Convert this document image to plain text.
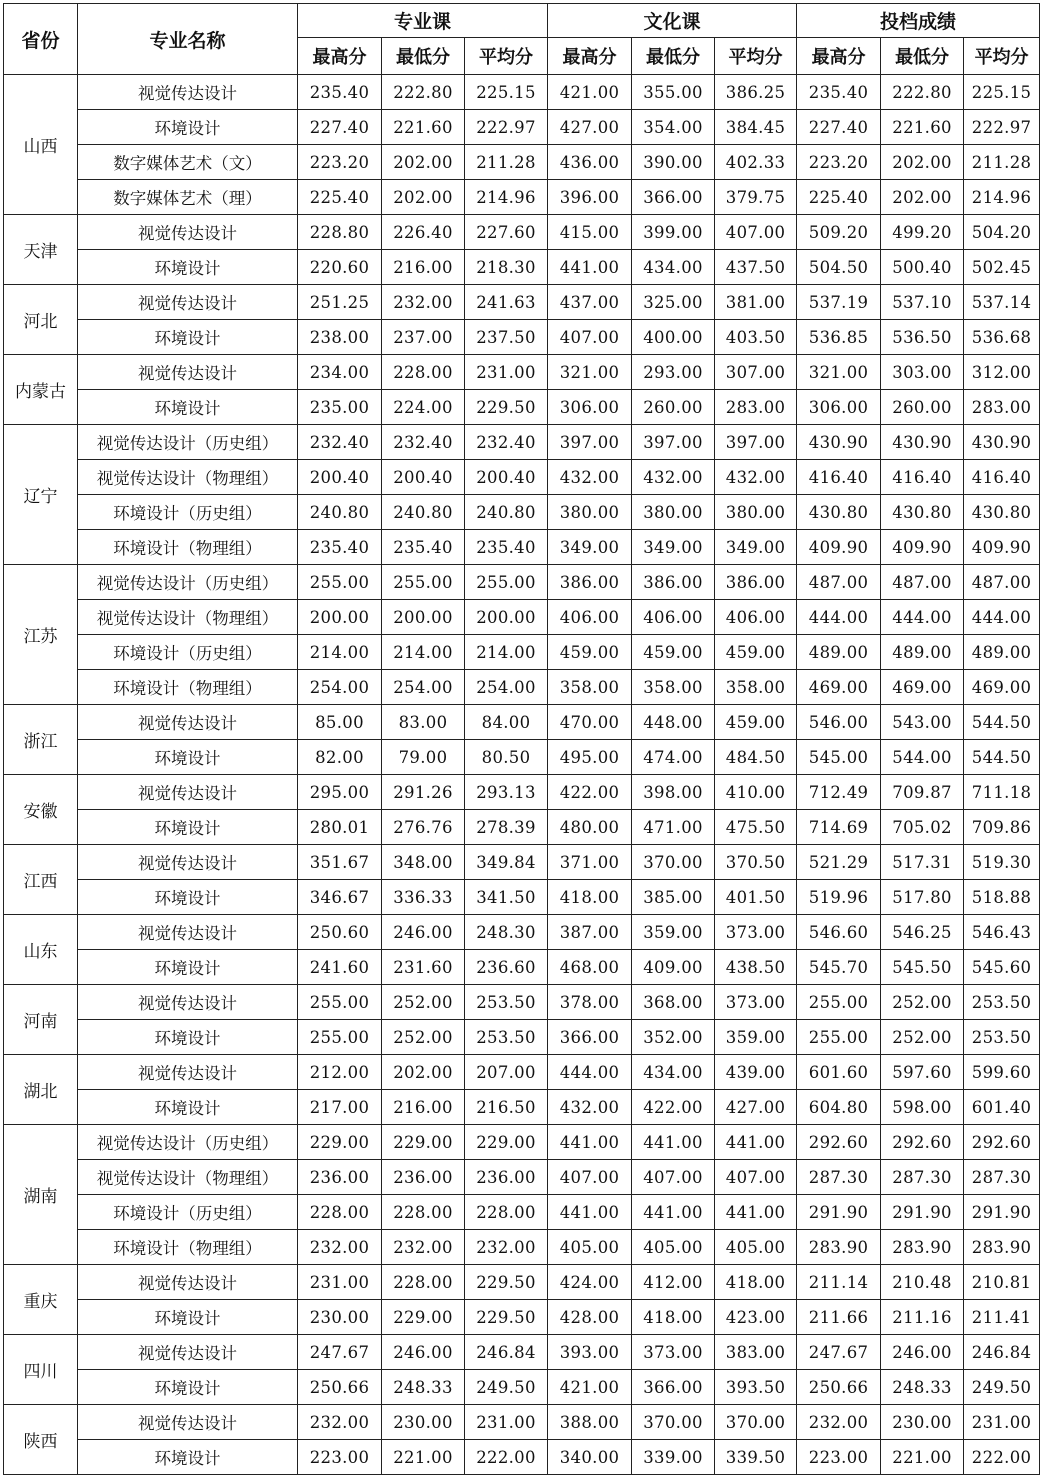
省份	专业名称	专业课			文化课			投档成绩		
		最高分	最低分	平均分	最高分	最低分	平均分	最高分	最低分	平均分
山西	视觉传达设计	235.40	222.80	225.15	421.00	355.00	386.25	235.40	222.80	225.15
	环境设计	227.40	221.60	222.97	427.00	354.00	384.45	227.40	221.60	222.97
	数字媒体艺术（文）	223.20	202.00	211.28	436.00	390.00	402.33	223.20	202.00	211.28
	数字媒体艺术（理）	225.40	202.00	214.96	396.00	366.00	379.75	225.40	202.00	214.96
天津	视觉传达设计	228.80	226.40	227.60	415.00	399.00	407.00	509.20	499.20	504.20
	环境设计	220.60	216.00	218.30	441.00	434.00	437.50	504.50	500.40	502.45
河北	视觉传达设计	251.25	232.00	241.63	437.00	325.00	381.00	537.19	537.10	537.14
	环境设计	238.00	237.00	237.50	407.00	400.00	403.50	536.85	536.50	536.68
内蒙古	视觉传达设计	234.00	228.00	231.00	321.00	293.00	307.00	321.00	303.00	312.00
	环境设计	235.00	224.00	229.50	306.00	260.00	283.00	306.00	260.00	283.00
辽宁	视觉传达设计（历史组）	232.40	232.40	232.40	397.00	397.00	397.00	430.90	430.90	430.90
	视觉传达设计（物理组）	200.40	200.40	200.40	432.00	432.00	432.00	416.40	416.40	416.40
	环境设计（历史组）	240.80	240.80	240.80	380.00	380.00	380.00	430.80	430.80	430.80
	环境设计（物理组）	235.40	235.40	235.40	349.00	349.00	349.00	409.90	409.90	409.90
江苏	视觉传达设计（历史组）	255.00	255.00	255.00	386.00	386.00	386.00	487.00	487.00	487.00
	视觉传达设计（物理组）	200.00	200.00	200.00	406.00	406.00	406.00	444.00	444.00	444.00
	环境设计（历史组）	214.00	214.00	214.00	459.00	459.00	459.00	489.00	489.00	489.00
	环境设计（物理组）	254.00	254.00	254.00	358.00	358.00	358.00	469.00	469.00	469.00
浙江	视觉传达设计	85.00	83.00	84.00	470.00	448.00	459.00	546.00	543.00	544.50
	环境设计	82.00	79.00	80.50	495.00	474.00	484.50	545.00	544.00	544.50
安徽	视觉传达设计	295.00	291.26	293.13	422.00	398.00	410.00	712.49	709.87	711.18
	环境设计	280.01	276.76	278.39	480.00	471.00	475.50	714.69	705.02	709.86
江西	视觉传达设计	351.67	348.00	349.84	371.00	370.00	370.50	521.29	517.31	519.30
	环境设计	346.67	336.33	341.50	418.00	385.00	401.50	519.96	517.80	518.88
山东	视觉传达设计	250.60	246.00	248.30	387.00	359.00	373.00	546.60	546.25	546.43
	环境设计	241.60	231.60	236.60	468.00	409.00	438.50	545.70	545.50	545.60
河南	视觉传达设计	255.00	252.00	253.50	378.00	368.00	373.00	255.00	252.00	253.50
	环境设计	255.00	252.00	253.50	366.00	352.00	359.00	255.00	252.00	253.50
湖北	视觉传达设计	212.00	202.00	207.00	444.00	434.00	439.00	601.60	597.60	599.60
	环境设计	217.00	216.00	216.50	432.00	422.00	427.00	604.80	598.00	601.40
湖南	视觉传达设计（历史组）	229.00	229.00	229.00	441.00	441.00	441.00	292.60	292.60	292.60
	视觉传达设计（物理组）	236.00	236.00	236.00	407.00	407.00	407.00	287.30	287.30	287.30
	环境设计（历史组）	228.00	228.00	228.00	441.00	441.00	441.00	291.90	291.90	291.90
	环境设计（物理组）	232.00	232.00	232.00	405.00	405.00	405.00	283.90	283.90	283.90
重庆	视觉传达设计	231.00	228.00	229.50	424.00	412.00	418.00	211.14	210.48	210.81
	环境设计	230.00	229.00	229.50	428.00	418.00	423.00	211.66	211.16	211.41
四川	视觉传达设计	247.67	246.00	246.84	393.00	373.00	383.00	247.67	246.00	246.84
	环境设计	250.66	248.33	249.50	421.00	366.00	393.50	250.66	248.33	249.50
陕西	视觉传达设计	232.00	230.00	231.00	388.00	370.00	370.00	232.00	230.00	231.00
	环境设计	223.00	221.00	222.00	340.00	339.00	339.50	223.00	221.00	222.00
